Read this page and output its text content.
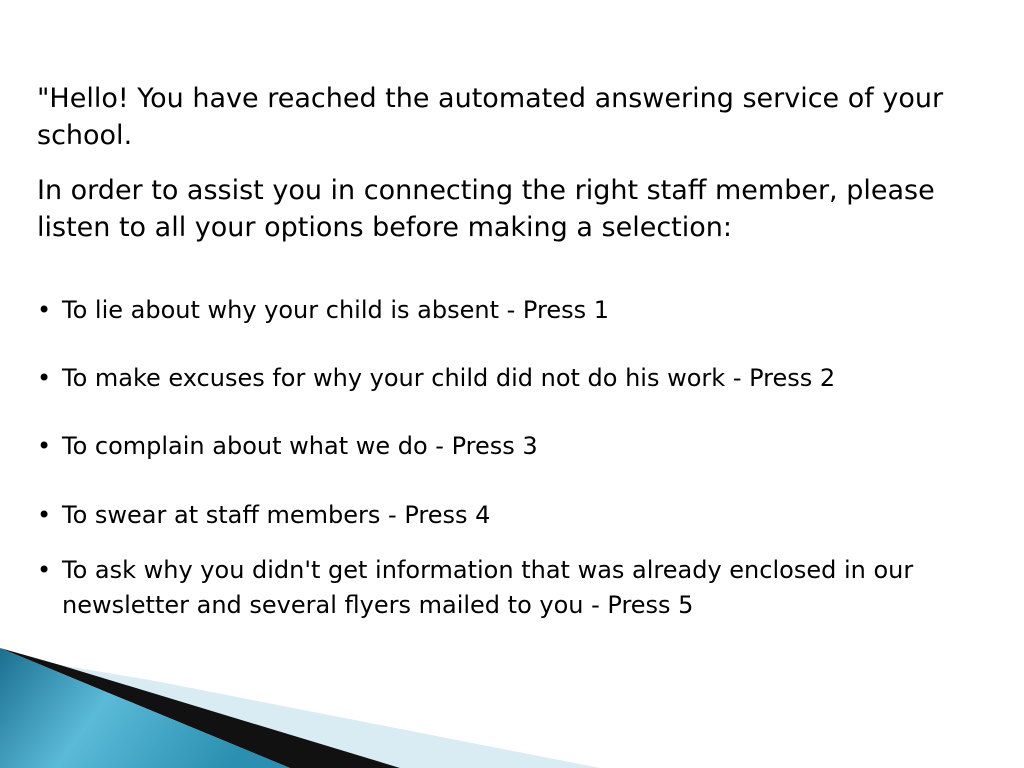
"Hello! You have reached the automated answering service of your school.

In order to assist you in connecting the right staff member, please listen to all your options before making a selection:

• To lie about why your child is absent - Press 1
• To make excuses for why your child did not do his work - Press 2
• To complain about what we do - Press 3
• To swear at staff members - Press 4
• To ask why you didn't get information that was already enclosed in our newsletter and several flyers mailed to you - Press 5
